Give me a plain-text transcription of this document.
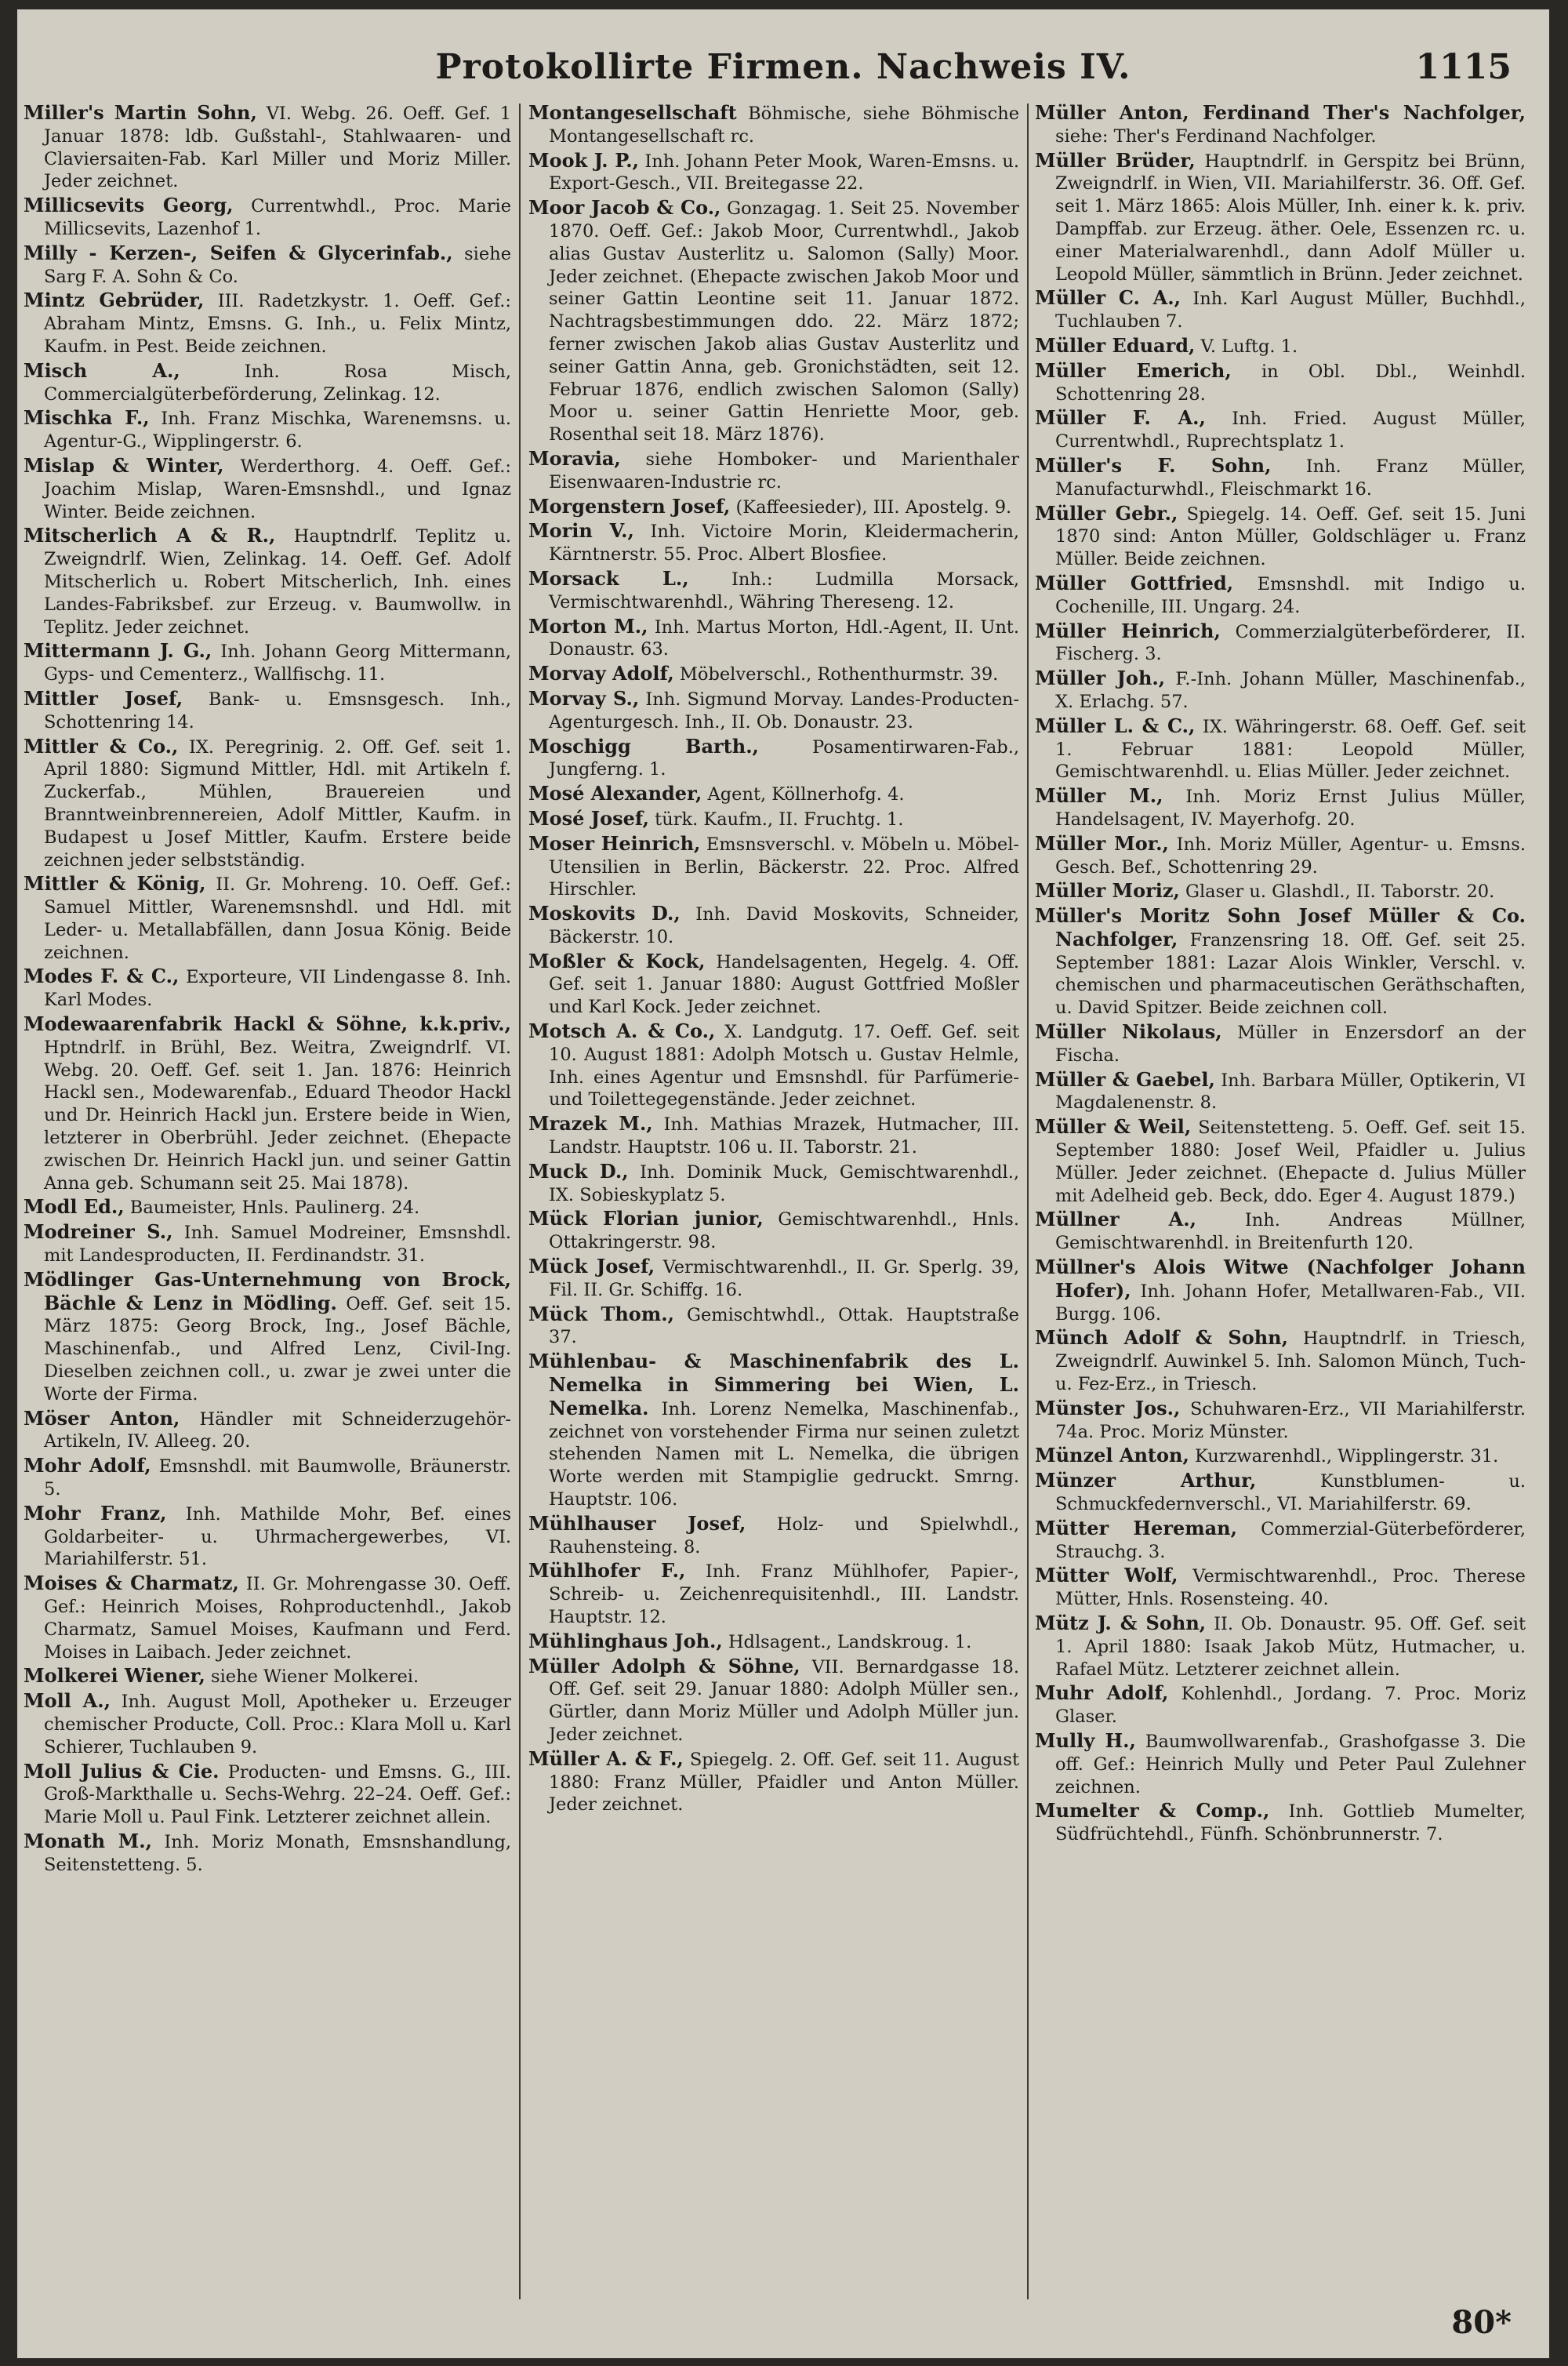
Protokollirte Firmen. Nachweis IV.	1115
Miller's Martin Sohn, VI. Webg. 26. Oeff. Gef. 1 Januar 1878: ldb. Gußstahl-, Stahlwaaren- und Claviersaiten-Fab. Karl Miller und Moriz Miller. Jeder zeichnet.
Millicsevits Georg, Currentwhdl., Proc. Marie Millicsevits, Lazenhof 1.
Milly - Kerzen-, Seifen & Glycerinfab., siehe Sarg F. A. Sohn & Co.
Mintz Gebrüder, III. Radetzkystr. 1. Oeff. Gef.: Abraham Mintz, Emsns. G. Inh., u. Felix Mintz, Kaufm. in Pest. Beide zeichnen.
Misch A.,	Inh. Rosa Misch, Commercialgüterbeförderung, Zelinkag. 12.
Mischka F., Inh. Franz Mischka, Warenemsns. u. Agentur-G., Wipplingerstr. 6.
Mislap & Winter, Werderthorg. 4. Oeff. Gef.: Joachim Mislap, Waren-Emsnshdl., und Ignaz Winter. Beide zeichnen.
Mitscherlich A & R., Hauptndrlf. Teplitz u. Zweigndrlf. Wien, Zelinkag. 14. Oeff. Gef. Adolf Mitscherlich u. Robert Mitscherlich, Inh. eines Landes-Fabriksbef. zur Erzeug. v. Baumwollw. in Teplitz. Jeder zeichnet.
Mittermann J. G., Inh. Johann Georg Mittermann, Gyps- und Cementerz., Wallfischg. 11.
Mittler Josef, Bank- u. Emsnsgesch. Inh., Schottenring 14.
Mittler & Co., IX. Peregrinig. 2. Off. Gef. seit 1. April 1880: Sigmund Mittler, Hdl. mit Artikeln f. Zuckerfab., Mühlen, Brauereien und Branntweinbrennereien, Adolf Mittler, Kaufm. in Budapest u Josef Mittler, Kaufm. Erstere beide zeichnen jeder selbstständig.
Mittler & König, II. Gr. Mohreng. 10. Oeff. Gef.: Samuel Mittler, Warenemsnshdl. und Hdl. mit Leder- u. Metallabfällen, dann Josua König. Beide zeichnen.
Modes F. & C., Exporteure, VII Lindengasse 8. Inh. Karl Modes.
Modewaarenfabrik Hackl & Söhne, k.k.priv., Hptndrlf. in Brühl, Bez. Weitra, Zweigndrlf. VI. Webg. 20. Oeff. Gef. seit 1. Jan. 1876: Heinrich Hackl sen., Modewarenfab., Eduard Theodor Hackl und Dr. Heinrich Hackl jun. Erstere beide in Wien, letzterer in Oberbrühl. Jeder zeichnet. (Ehepacte zwischen Dr. Heinrich Hackl jun. und seiner Gattin Anna geb. Schumann seit 25. Mai 1878).
Modl Ed., Baumeister, Hnls. Paulinerg. 24.
Modreiner S., Inh. Samuel Modreiner, Emsnshdl. mit Landesproducten, II. Ferdinandstr. 31.
Mödlinger Gas-Unternehmung von Brock, Bächle & Lenz in Mödling. Oeff. Gef. seit 15. März 1875: Georg Brock, Ing., Josef Bächle, Maschinenfab., und Alfred Lenz, Civil-Ing. Dieselben zeichnen coll., u. zwar je zwei unter die Worte der Firma.
Möser Anton, Händler mit Schneiderzugehör-Artikeln, IV. Alleeg. 20.
Mohr Adolf, Emsnshdl. mit Baumwolle, Bräunerstr. 5.
Mohr Franz, Inh. Mathilde Mohr, Bef. eines Goldarbeiter- u. Uhrmachergewerbes, VI. Mariahilferstr. 51.
Moises & Charmatz, II. Gr. Mohrengasse 30. Oeff. Gef.: Heinrich Moises, Rohproductenhdl., Jakob Charmatz, Samuel Moises, Kaufmann und Ferd. Moises in Laibach. Jeder zeichnet.
Molkerei Wiener, siehe Wiener Molkerei.
Moll A., Inh. August Moll, Apotheker u. Erzeuger chemischer Producte, Coll. Proc.: Klara Moll u. Karl Schierer, Tuchlauben 9.
Moll Julius & Cie. Producten- und Emsns. G., III. Groß-Markthalle u. Sechs-Wehrg. 22–24. Oeff. Gef.: Marie Moll u. Paul Fink. Letzterer zeichnet allein.
Monath M., Inh. Moriz Monath, Emsnshandlung, Seitenstetteng. 5.
Montangesellschaft Böhmische, siehe Böhmische Montangesellschaft rc.
Mook J. P., Inh. Johann Peter Mook, Waren-Emsns. u. Export-Gesch., VII. Breitegasse 22.
Moor Jacob & Co., Gonzagag. 1. Seit 25. November 1870. Oeff. Gef.: Jakob Moor, Currentwhdl., Jakob alias Gustav Austerlitz u. Salomon (Sally) Moor. Jeder zeichnet. (Ehepacte zwischen Jakob Moor und seiner Gattin Leontine seit 11. Januar 1872. Nachtragsbestimmungen ddo. 22. März 1872; ferner zwischen Jakob alias Gustav Austerlitz und seiner Gattin Anna, geb. Gronichstädten, seit 12. Februar 1876, endlich zwischen Salomon (Sally) Moor u. seiner Gattin Henriette Moor, geb. Rosenthal seit 18. März 1876).
Moravia, siehe Homboker- und Marienthaler Eisenwaaren-Industrie rc.
Morgenstern Josef, (Kaffeesieder), III. Apostelg. 9.
Morin V., Inh. Victoire Morin, Kleidermacherin, Kärntnerstr. 55. Proc. Albert Blosfiee.
Morsack L., Inh.: Ludmilla Morsack, Vermischtwarenhdl., Währing Thereseng. 12.
Morton M., Inh. Martus Morton, Hdl.-Agent, II. Unt. Donaustr. 63.
Morvay Adolf, Möbelverschl., Rothenthurmstr. 39.
Morvay S., Inh. Sigmund Morvay. Landes-Producten-Agenturgesch. Inh., II. Ob. Donaustr. 23.
Moschigg Barth.,	Posamentirwaren-Fab., Jungferng. 1.
Mosé Alexander, Agent, Köllnerhofg. 4.
Mosé Josef, türk. Kaufm., II. Fruchtg. 1.
Moser Heinrich, Emsnsverschl. v. Möbeln u. Möbel-Utensilien in Berlin, Bäckerstr. 22. Proc. Alfred Hirschler.
Moskovits D., Inh. David Moskovits, Schneider, Bäckerstr. 10.
Moßler & Kock, Handelsagenten, Hegelg. 4. Off. Gef. seit 1. Januar 1880: August Gottfried Moßler und Karl Kock. Jeder zeichnet.
Motsch A. & Co., X. Landgutg. 17. Oeff. Gef. seit 10. August 1881: Adolph Motsch u. Gustav Helmle, Inh. eines Agentur und Emsnshdl. für Parfümerie- und Toilettegegenstände. Jeder zeichnet.
Mrazek M., Inh. Mathias Mrazek, Hutmacher, III. Landstr. Hauptstr. 106 u. II. Taborstr. 21.
Muck D., Inh. Dominik Muck, Gemischtwarenhdl., IX. Sobieskyplatz 5.
Mück Florian junior, Gemischtwarenhdl., Hnls. Ottakringerstr. 98.
Mück Josef, Vermischtwarenhdl., II. Gr. Sperlg. 39, Fil. II. Gr. Schiffg. 16.
Mück Thom., Gemischtwhdl., Ottak. Hauptstraße 37.
Mühlenbau- & Maschinenfabrik des L. Nemelka in Simmering bei Wien, L. Nemelka. Inh. Lorenz Nemelka, Maschinenfab., zeichnet von vorstehender Firma nur seinen zuletzt stehenden Namen mit L. Nemelka, die übrigen Worte werden mit Stampiglie gedruckt. Smrng. Hauptstr. 106.
Mühlhauser Josef, Holz- und Spielwhdl., Rauhensteing. 8.
Mühlhofer F., Inh. Franz Mühlhofer, Papier-, Schreib- u. Zeichenrequisitenhdl., III. Landstr. Hauptstr. 12.
Mühlinghaus Joh., Hdlsagent., Landskroug. 1.
Müller Adolph & Söhne, VII. Bernardgasse 18. Off. Gef. seit 29. Januar 1880: Adolph Müller sen., Gürtler, dann Moriz Müller und Adolph Müller jun. Jeder zeichnet.
Müller A. & F., Spiegelg. 2. Off. Gef. seit 11. August 1880: Franz Müller, Pfaidler und Anton Müller. Jeder zeichnet.
Müller Anton, Ferdinand Ther's Nachfolger, siehe: Ther's Ferdinand Nachfolger.
Müller Brüder, Hauptndrlf. in Gerspitz bei Brünn, Zweigndrlf. in Wien, VII. Mariahilferstr. 36. Off. Gef. seit 1. März 1865: Alois Müller, Inh. einer k. k. priv. Dampffab. zur Erzeug. äther. Oele, Essenzen rc. u. einer Materialwarenhdl., dann Adolf Müller u. Leopold Müller, sämmtlich in Brünn. Jeder zeichnet.
Müller C. A., Inh. Karl August Müller, Buchhdl., Tuchlauben 7.
Müller Eduard, V. Luftg. 1.
Müller Emerich, in Obl. Dbl., Weinhdl. Schottenring 28.
Müller F. A., Inh. Fried. August Müller, Currentwhdl., Ruprechtsplatz 1.
Müller's F. Sohn, Inh. Franz Müller, Manufacturwhdl., Fleischmarkt 16.
Müller Gebr., Spiegelg. 14. Oeff. Gef. seit 15. Juni 1870 sind: Anton Müller, Goldschläger u. Franz Müller. Beide zeichnen.
Müller Gottfried, Emsnshdl. mit Indigo u. Cochenille, III. Ungarg. 24.
Müller Heinrich, Commerzialgüterbeförderer, II. Fischerg. 3.
Müller Joh., F.-Inh. Johann Müller, Maschinenfab., X. Erlachg. 57.
Müller L. & C., IX. Währingerstr. 68. Oeff. Gef. seit 1. Februar 1881: Leopold Müller, Gemischtwarenhdl. u. Elias Müller. Jeder zeichnet.
Müller M., Inh. Moriz Ernst Julius Müller, Handelsagent, IV. Mayerhofg. 20.
Müller Mor., Inh. Moriz Müller, Agentur- u. Emsns. Gesch. Bef., Schottenring 29.
Müller Moriz, Glaser u. Glashdl., II. Taborstr. 20.
Müller's Moritz Sohn Josef Müller & Co. Nachfolger, Franzensring 18. Off. Gef. seit 25. September 1881: Lazar Alois Winkler, Verschl. v. chemischen und pharmaceutischen Geräthschaften, u. David Spitzer. Beide zeichnen coll.
Müller Nikolaus, Müller in Enzersdorf an der Fischa.
Müller & Gaebel, Inh. Barbara Müller, Optikerin, VI Magdalenenstr. 8.
Müller & Weil, Seitenstetteng. 5. Oeff. Gef. seit 15. September 1880: Josef Weil, Pfaidler u. Julius Müller. Jeder zeichnet. (Ehepacte d. Julius Müller mit Adelheid geb. Beck, ddo. Eger 4. August 1879.)
Müllner A.,	Inh. Andreas Müllner, Gemischtwarenhdl. in Breitenfurth 120.
Müllner's Alois Witwe (Nachfolger Johann Hofer), Inh. Johann Hofer, Metallwaren-Fab., VII. Burgg. 106.
Münch Adolf & Sohn, Hauptndrlf. in Triesch, Zweigndrlf. Auwinkel 5. Inh. Salomon Münch, Tuch- u. Fez-Erz., in Triesch.
Münster Jos., Schuhwaren-Erz., VII Mariahilferstr. 74a. Proc. Moriz Münster.
Münzel Anton, Kurzwarenhdl., Wipplingerstr. 31.
Münzer Arthur,	Kunstblumen- u. Schmuckfedernverschl., VI. Mariahilferstr. 69.
Mütter Hereman, Commerzial-Güterbeförderer, Strauchg. 3.
Mütter Wolf, Vermischtwarenhdl., Proc. Therese Mütter, Hnls. Rosensteing. 40.
Mütz J. & Sohn, II. Ob. Donaustr. 95. Off. Gef. seit 1. April 1880: Isaak Jakob Mütz, Hutmacher, u. Rafael Mütz. Letzterer zeichnet allein.
Muhr Adolf, Kohlenhdl., Jordang. 7. Proc. Moriz Glaser.
Mully H., Baumwollwarenfab., Grashofgasse 3. Die off. Gef.: Heinrich Mully und Peter Paul Zulehner zeichnen.
Mumelter & Comp., Inh. Gottlieb Mumelter, Südfrüchtehdl., Fünfh. Schönbrunnerstr. 7.
80*
